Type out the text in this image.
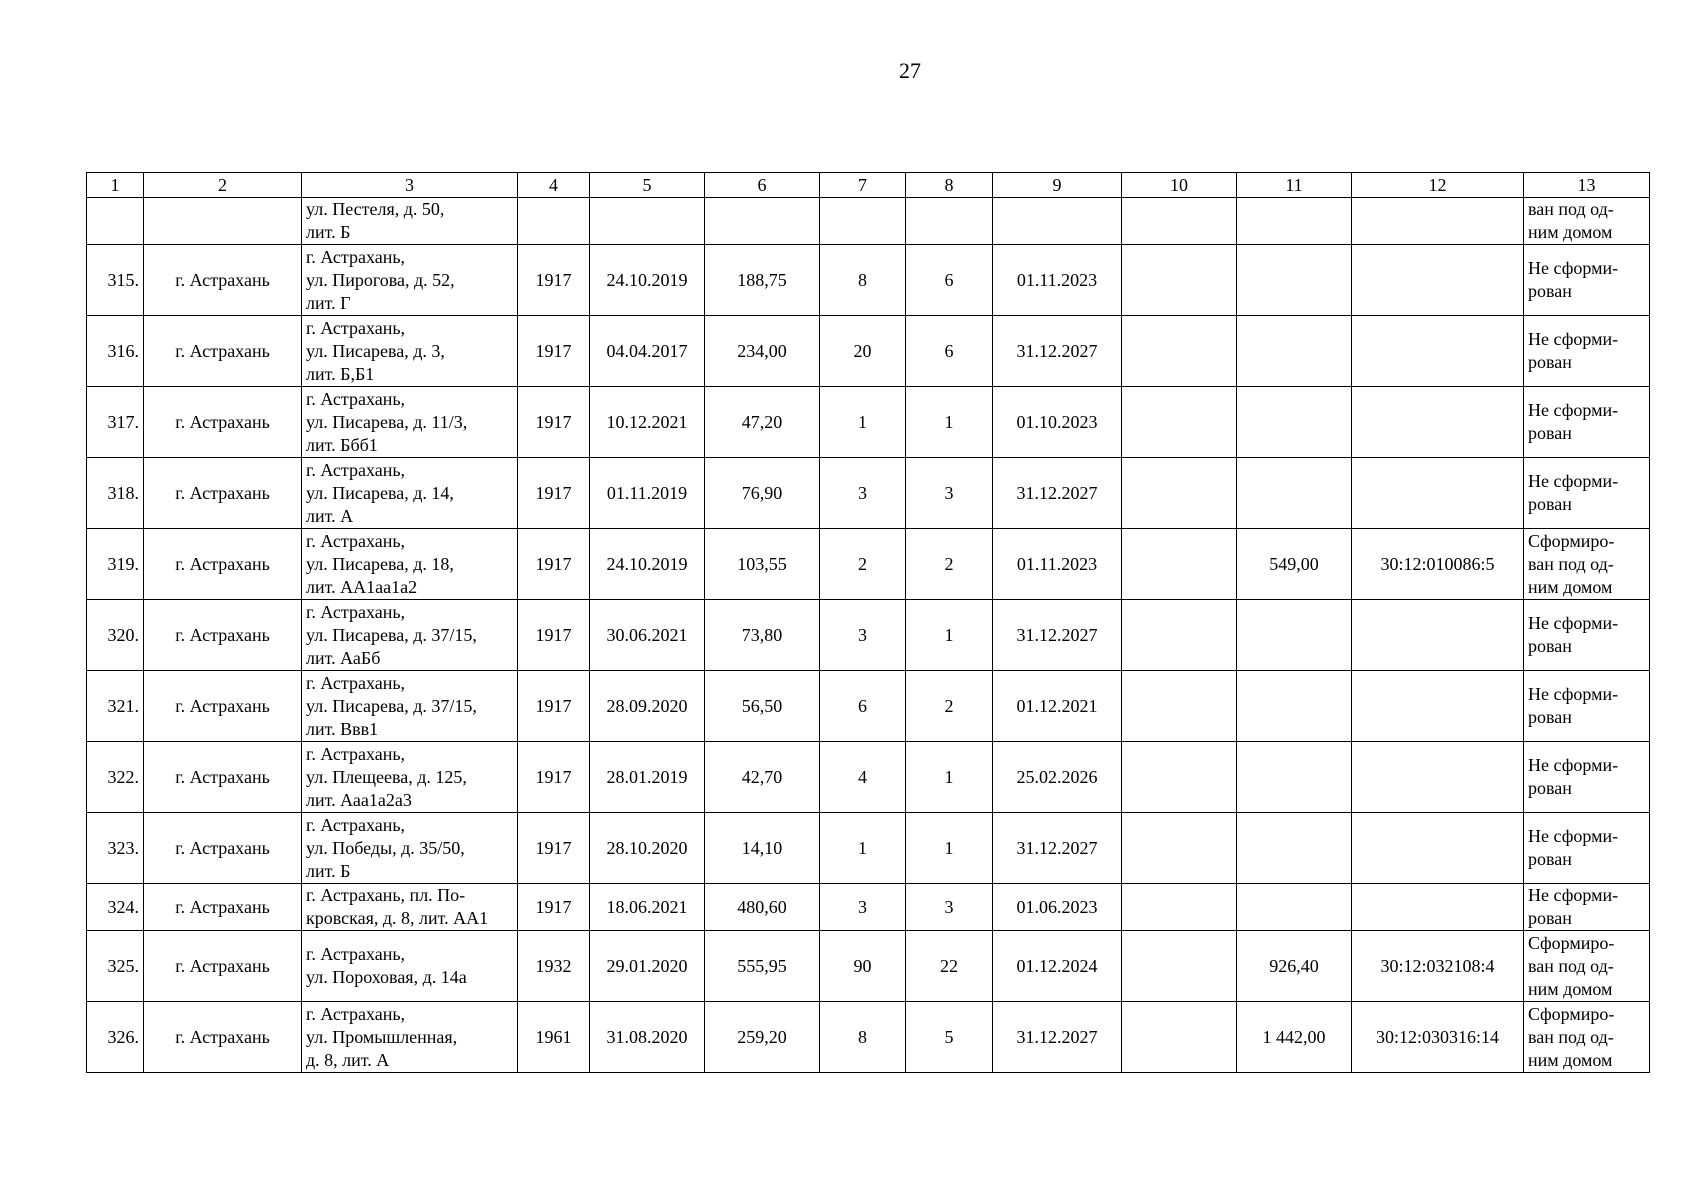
27
1	2	3	4	5	6	7	8	9	10	11	12	13

		ул. Пестеля, д. 50,
лит. Б										ван под од-
ним домом

315.	г. Астрахань	г. Астрахань,
ул. Пирогова, д. 52,
лит. Г	1917	24.10.2019	188,75	8	6	01.11.2023				Не сформи-
рован

316.	г. Астрахань	г. Астрахань,
ул. Писарева, д. 3,
лит. Б,Б1	1917	04.04.2017	234,00	20	6	31.12.2027				Не сформи-
рован

317.	г. Астрахань	г. Астрахань,
ул. Писарева, д. 11/3,
лит. Ббб1	1917	10.12.2021	47,20	1	1	01.10.2023				Не сформи-
рован

318.	г. Астрахань	г. Астрахань,
ул. Писарева, д. 14,
лит. А	1917	01.11.2019	76,90	3	3	31.12.2027				Не сформи-
рован

319.	г. Астрахань	г. Астрахань,
ул. Писарева, д. 18,
лит. АА1аа1а2	1917	24.10.2019	103,55	2	2	01.11.2023		549,00	30:12:010086:5	Сформиро-
ван под од-
ним домом

320.	г. Астрахань	г. Астрахань,
ул. Писарева, д. 37/15,
лит. АаБб	1917	30.06.2021	73,80	3	1	31.12.2027				Не сформи-
рован

321.	г. Астрахань	г. Астрахань,
ул. Писарева, д. 37/15,
лит. Ввв1	1917	28.09.2020	56,50	6	2	01.12.2021				Не сформи-
рован

322.	г. Астрахань	г. Астрахань,
ул. Плещеева, д. 125,
лит. Ааа1а2а3	1917	28.01.2019	42,70	4	1	25.02.2026				Не сформи-
рован

323.	г. Астрахань	г. Астрахань,
ул. Победы, д. 35/50,
лит. Б	1917	28.10.2020	14,10	1	1	31.12.2027				Не сформи-
рован

324.	г. Астрахань	г. Астрахань, пл. По-
кровская, д. 8, лит. АА1	1917	18.06.2021	480,60	3	3	01.06.2023				Не сформи-
рован

325.	г. Астрахань	г. Астрахань,
ул. Пороховая, д. 14а	1932	29.01.2020	555,95	90	22	01.12.2024		926,40	30:12:032108:4	Сформиро-
ван под од-
ним домом

326.	г. Астрахань	г. Астрахань,
ул. Промышленная,
д. 8, лит. А	1961	31.08.2020	259,20	8	5	31.12.2027		1 442,00	30:12:030316:14	Сформиро-
ван под од-
ним домом
